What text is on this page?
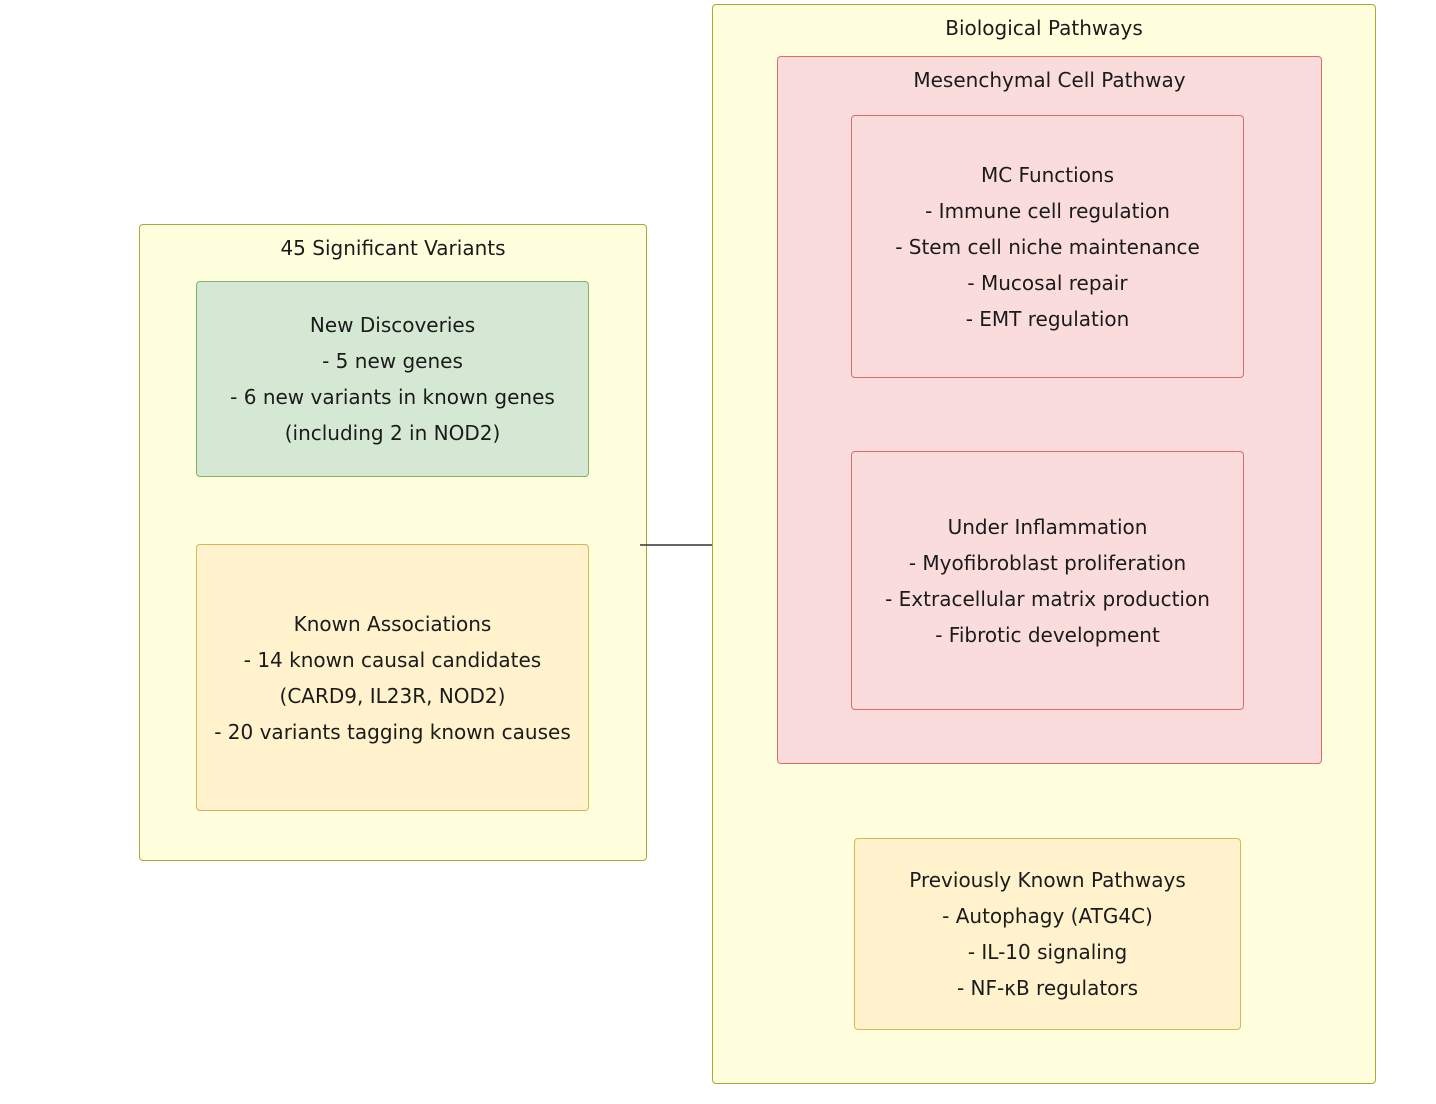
45 Significant Variants
New Discoveries
- 5 new genes
- 6 new variants in known genes (including 2 in NOD2)
Known Associations
- 14 known causal candidates (CARD9, IL23R, NOD2)
- 20 variants tagging known causes
Biological Pathways
Mesenchymal Cell Pathway
MC Functions
- Immune cell regulation
- Stem cell niche maintenance
- Mucosal repair
- EMT regulation
Under Inflammation
- Myofibroblast proliferation
- Extracellular matrix production
- Fibrotic development
Previously Known Pathways
- Autophagy (ATG4C)
- IL-10 signaling
- NF-κB regulators
